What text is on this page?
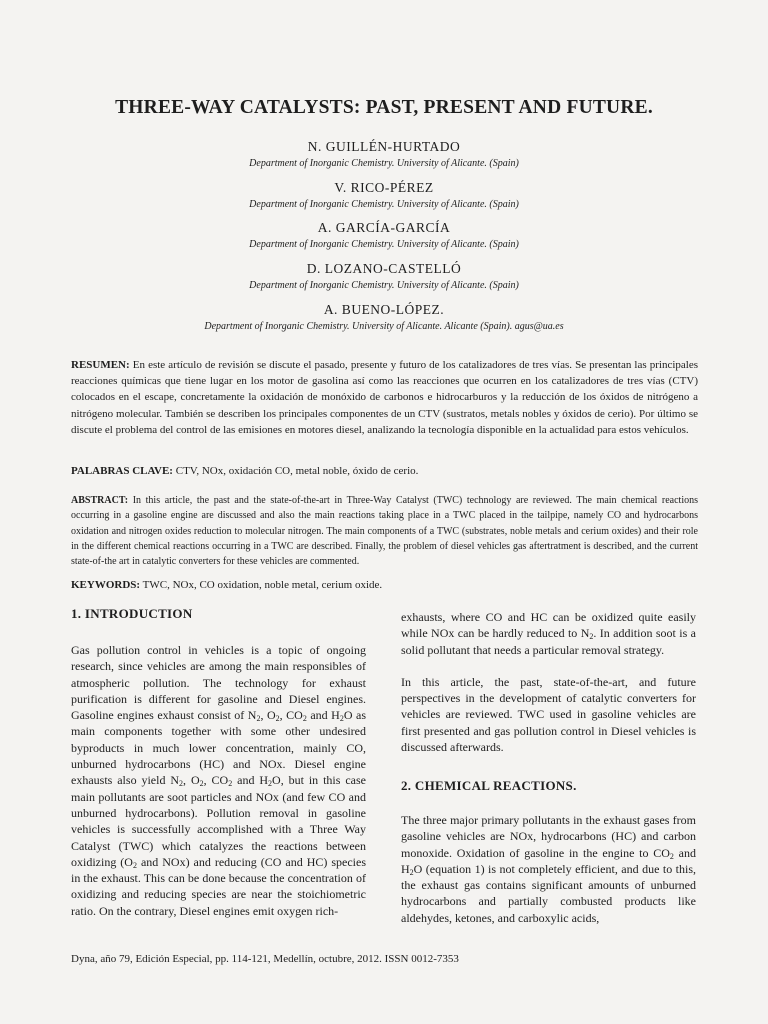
THREE-WAY CATALYSTS: PAST, PRESENT AND FUTURE.
N. GUILLÉN-HURTADO
Department of Inorganic Chemistry. University of Alicante. (Spain)
V. RICO-PÉREZ
Department of Inorganic Chemistry. University of Alicante. (Spain)
A. GARCÍA-GARCÍA
Department of Inorganic Chemistry. University of Alicante. (Spain)
D. LOZANO-CASTELLÓ
Department of Inorganic Chemistry. University of Alicante. (Spain)
A. BUENO-LÓPEZ.
Department of Inorganic Chemistry. University of Alicante. Alicante (Spain). agus@ua.es
RESUMEN: En este artículo de revisión se discute el pasado, presente y futuro de los catalizadores de tres vías. Se presentan las principales reacciones químicas que tiene lugar en los motor de gasolina así como las reacciones que ocurren en los catalizadores de tres vías (CTV) colocados en el escape, concretamente la oxidación de monóxido de carbonos e hidrocarburos y la reducción de los óxidos de nitrógeno a nitrógeno molecular. También se describen los principales componentes de un CTV (sustratos, metals nobles y óxidos de cerio). Por último se discute el problema del control de las emisiones en motores diesel, analizando la tecnología disponible en la actualidad para estos vehículos.
PALABRAS CLAVE: CTV, NOx, oxidación CO, metal noble, óxido de cerio.
ABSTRACT: In this article, the past and the state-of-the-art in Three-Way Catalyst (TWC) technology are reviewed. The main chemical reactions occurring in a gasoline engine are discussed and also the main reactions taking place in a TWC placed in the tailpipe, namely CO and hydrocarbons oxidation and nitrogen oxides reduction to molecular nitrogen. The main components of a TWC (substrates, noble metals and cerium oxides) and their role in the different chemical reactions occurring in a TWC are described. Finally, the problem of diesel vehicles gas aftertratment is described, and the current state-of-the art in catalytic converters for these vehicles are commented.
KEYWORDS: TWC, NOx, CO oxidation, noble metal, cerium oxide.
1. INTRODUCTION

Gas pollution control in vehicles is a topic of ongoing research, since vehicles are among the main responsibles of atmospheric pollution. The technology for exhaust purification is different for gasoline and Diesel engines. Gasoline engines exhaust consist of $N_2$, $O_2$, $CO_2$ and $H_2O$ as main components together with some other undesired byproducts in much lower concentration, mainly CO, unburned hydrocarbons (HC) and NOx. Diesel engine exhausts also yield $N_2$, $O_2$, $CO_2$ and $H_2O$, but in this case main pollutants are soot particles and NOx (and few CO and unburned hydrocarbons). Pollution removal in gasoline vehicles is successfully accomplished with a Three Way Catalyst (TWC) which catalyzes the reactions between oxidizing ($O_2$ and NOx) and reducing (CO and HC) species in the exhaust. This can be done because the concentration of oxidizing and reducing species are near the stoichiometric ratio. On the contrary, Diesel engines emit oxygen rich-

exhausts, where CO and HC can be oxidized quite easily while NOx can be hardly reduced to $N_2$. In addition soot is a solid pollutant that needs a particular removal strategy.

In this article, the past, state-of-the-art, and future perspectives in the development of catalytic converters for vehicles are reviewed. TWC used in gasoline vehicles are first presented and gas pollution control in Diesel vehicles is discussed afterwards.

2. CHEMICAL REACTIONS.

The three major primary pollutants in the exhaust gases from gasoline vehicles are NOx, hydrocarbons (HC) and carbon monoxide. Oxidation of gasoline in the engine to $CO_2$ and $H_2O$ (equation 1) is not completely efficient, and due to this, the exhaust gas contains significant amounts of unburned hydrocarbons and partially combusted products like aldehydes, ketones, and carboxylic acids,

Dyna, año 79, Edición Especial, pp. 114-121, Medellín, octubre, 2012. ISSN 0012-7353
